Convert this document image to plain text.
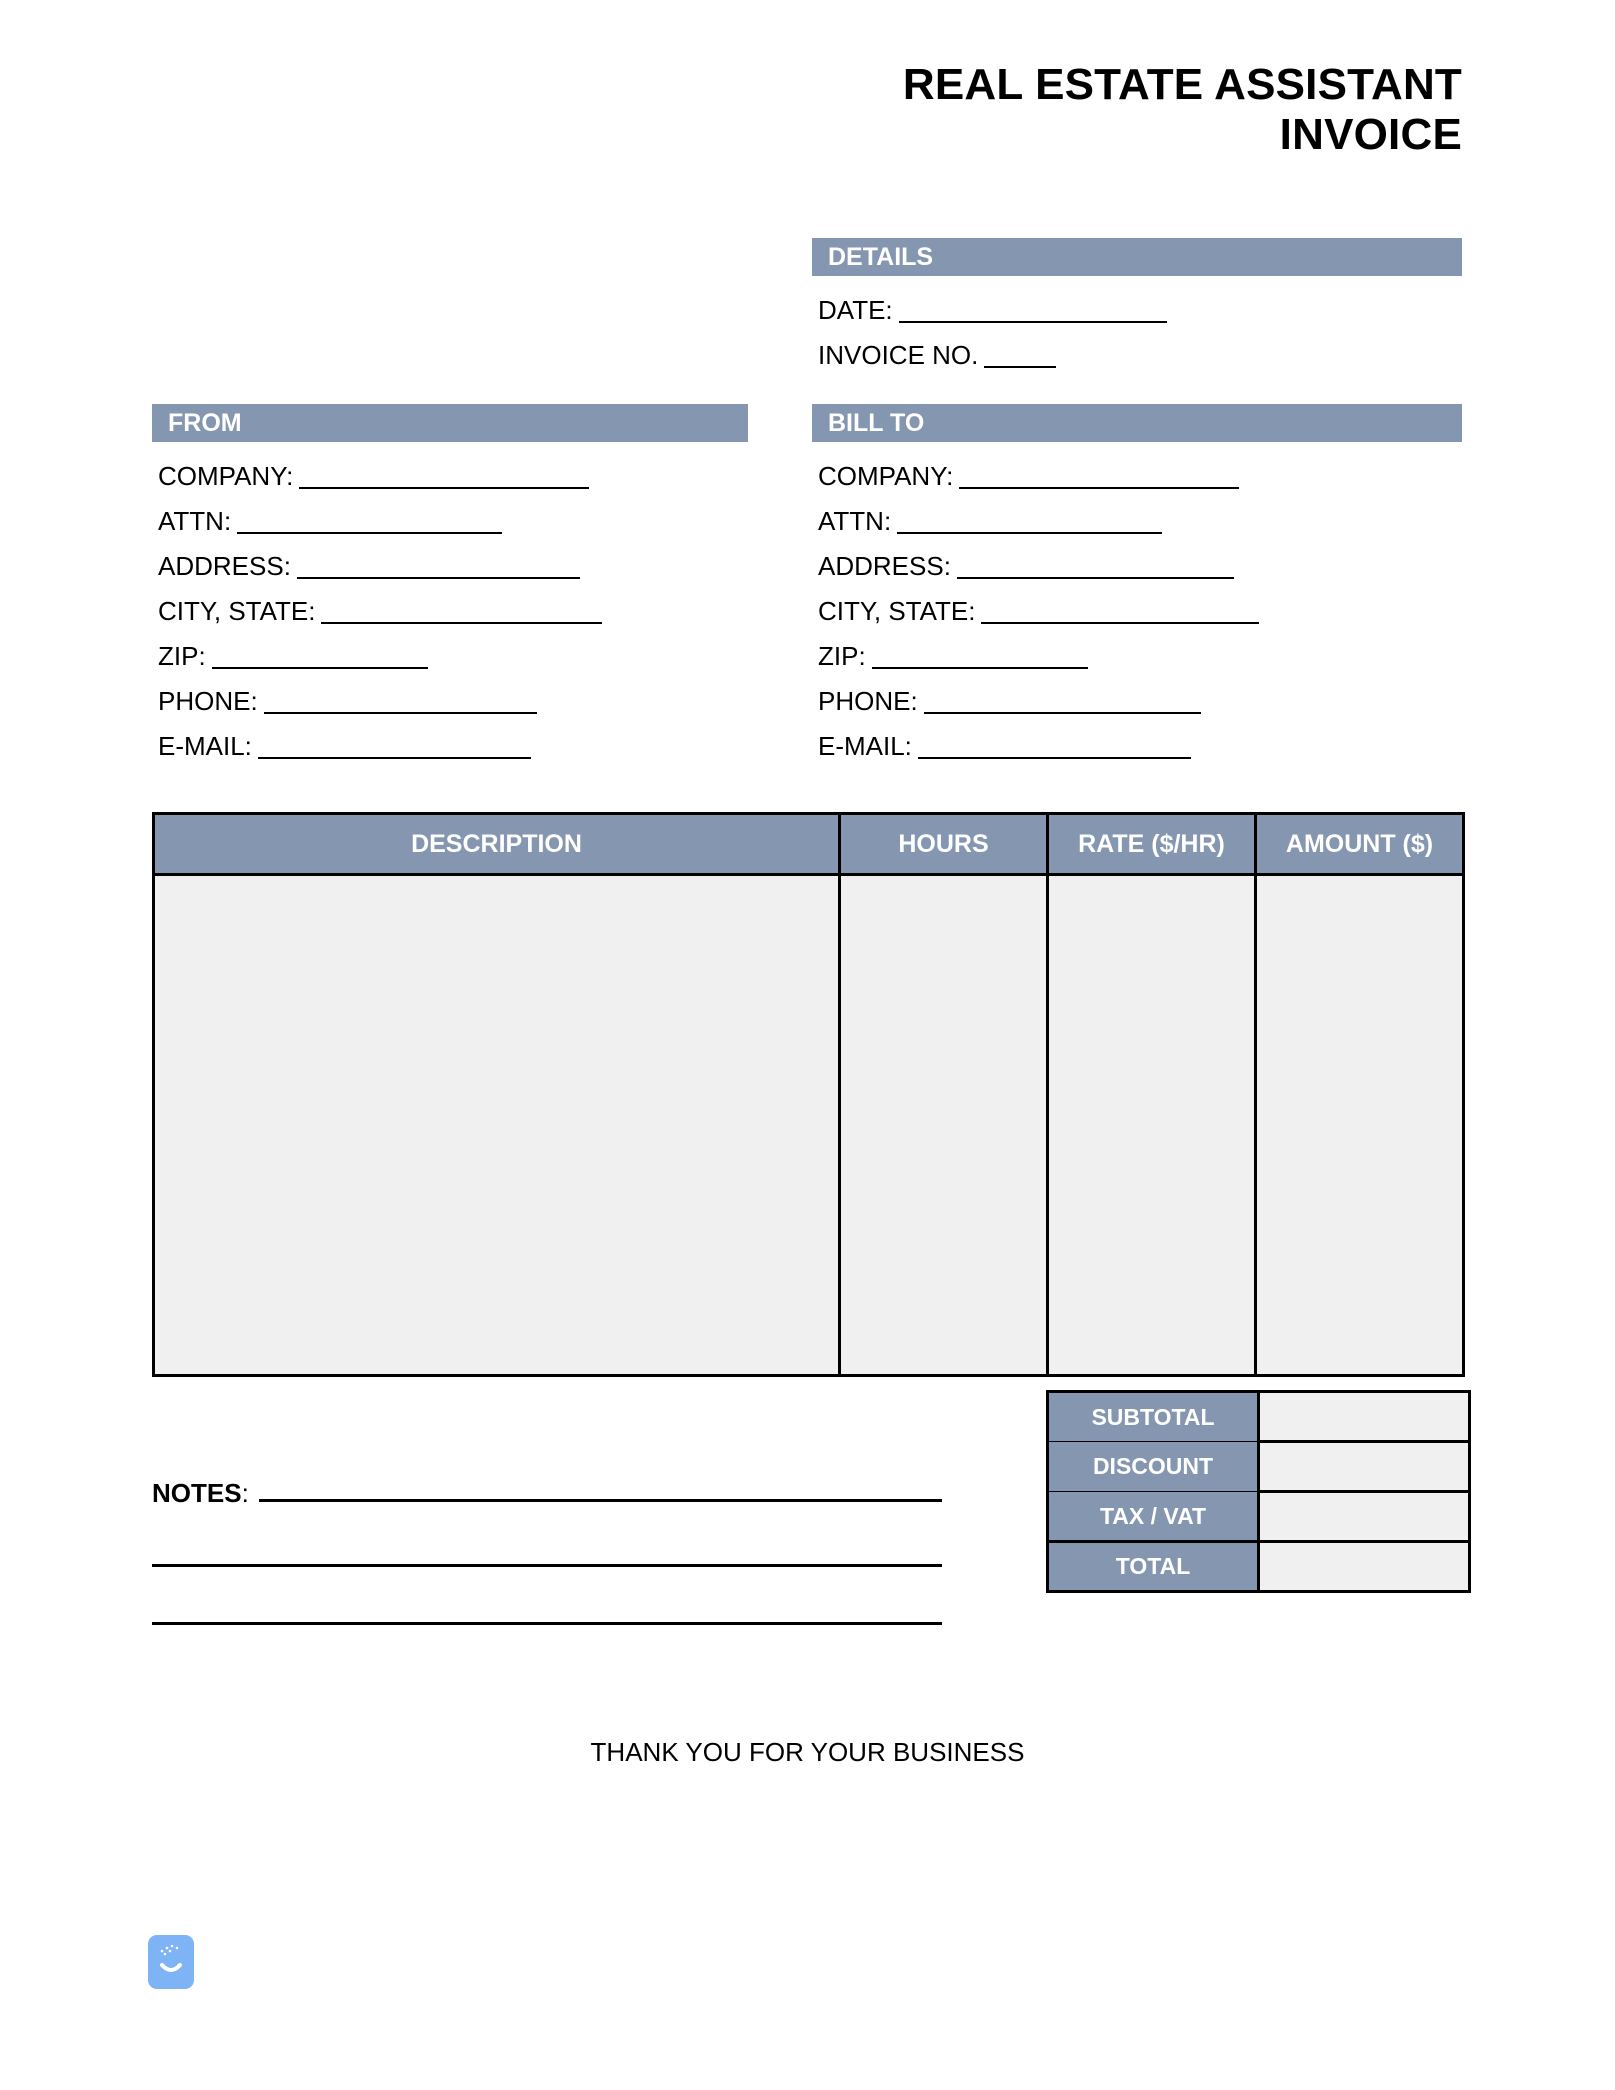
REAL ESTATE ASSISTANT
INVOICE
DETAILS
DATE:
INVOICE NO.
FROM
COMPANY:
ATTN:
ADDRESS:
CITY, STATE:
ZIP:
PHONE:
E-MAIL:
BILL TO
COMPANY:
ATTN:
ADDRESS:
CITY, STATE:
ZIP:
PHONE:
E-MAIL:
DESCRIPTION	HOURS	RATE ($/HR)	AMOUNT ($)

SUBTOTAL	
DISCOUNT	
TAX / VAT	
TOTAL	
NOTES :
THANK YOU FOR YOUR BUSINESS
